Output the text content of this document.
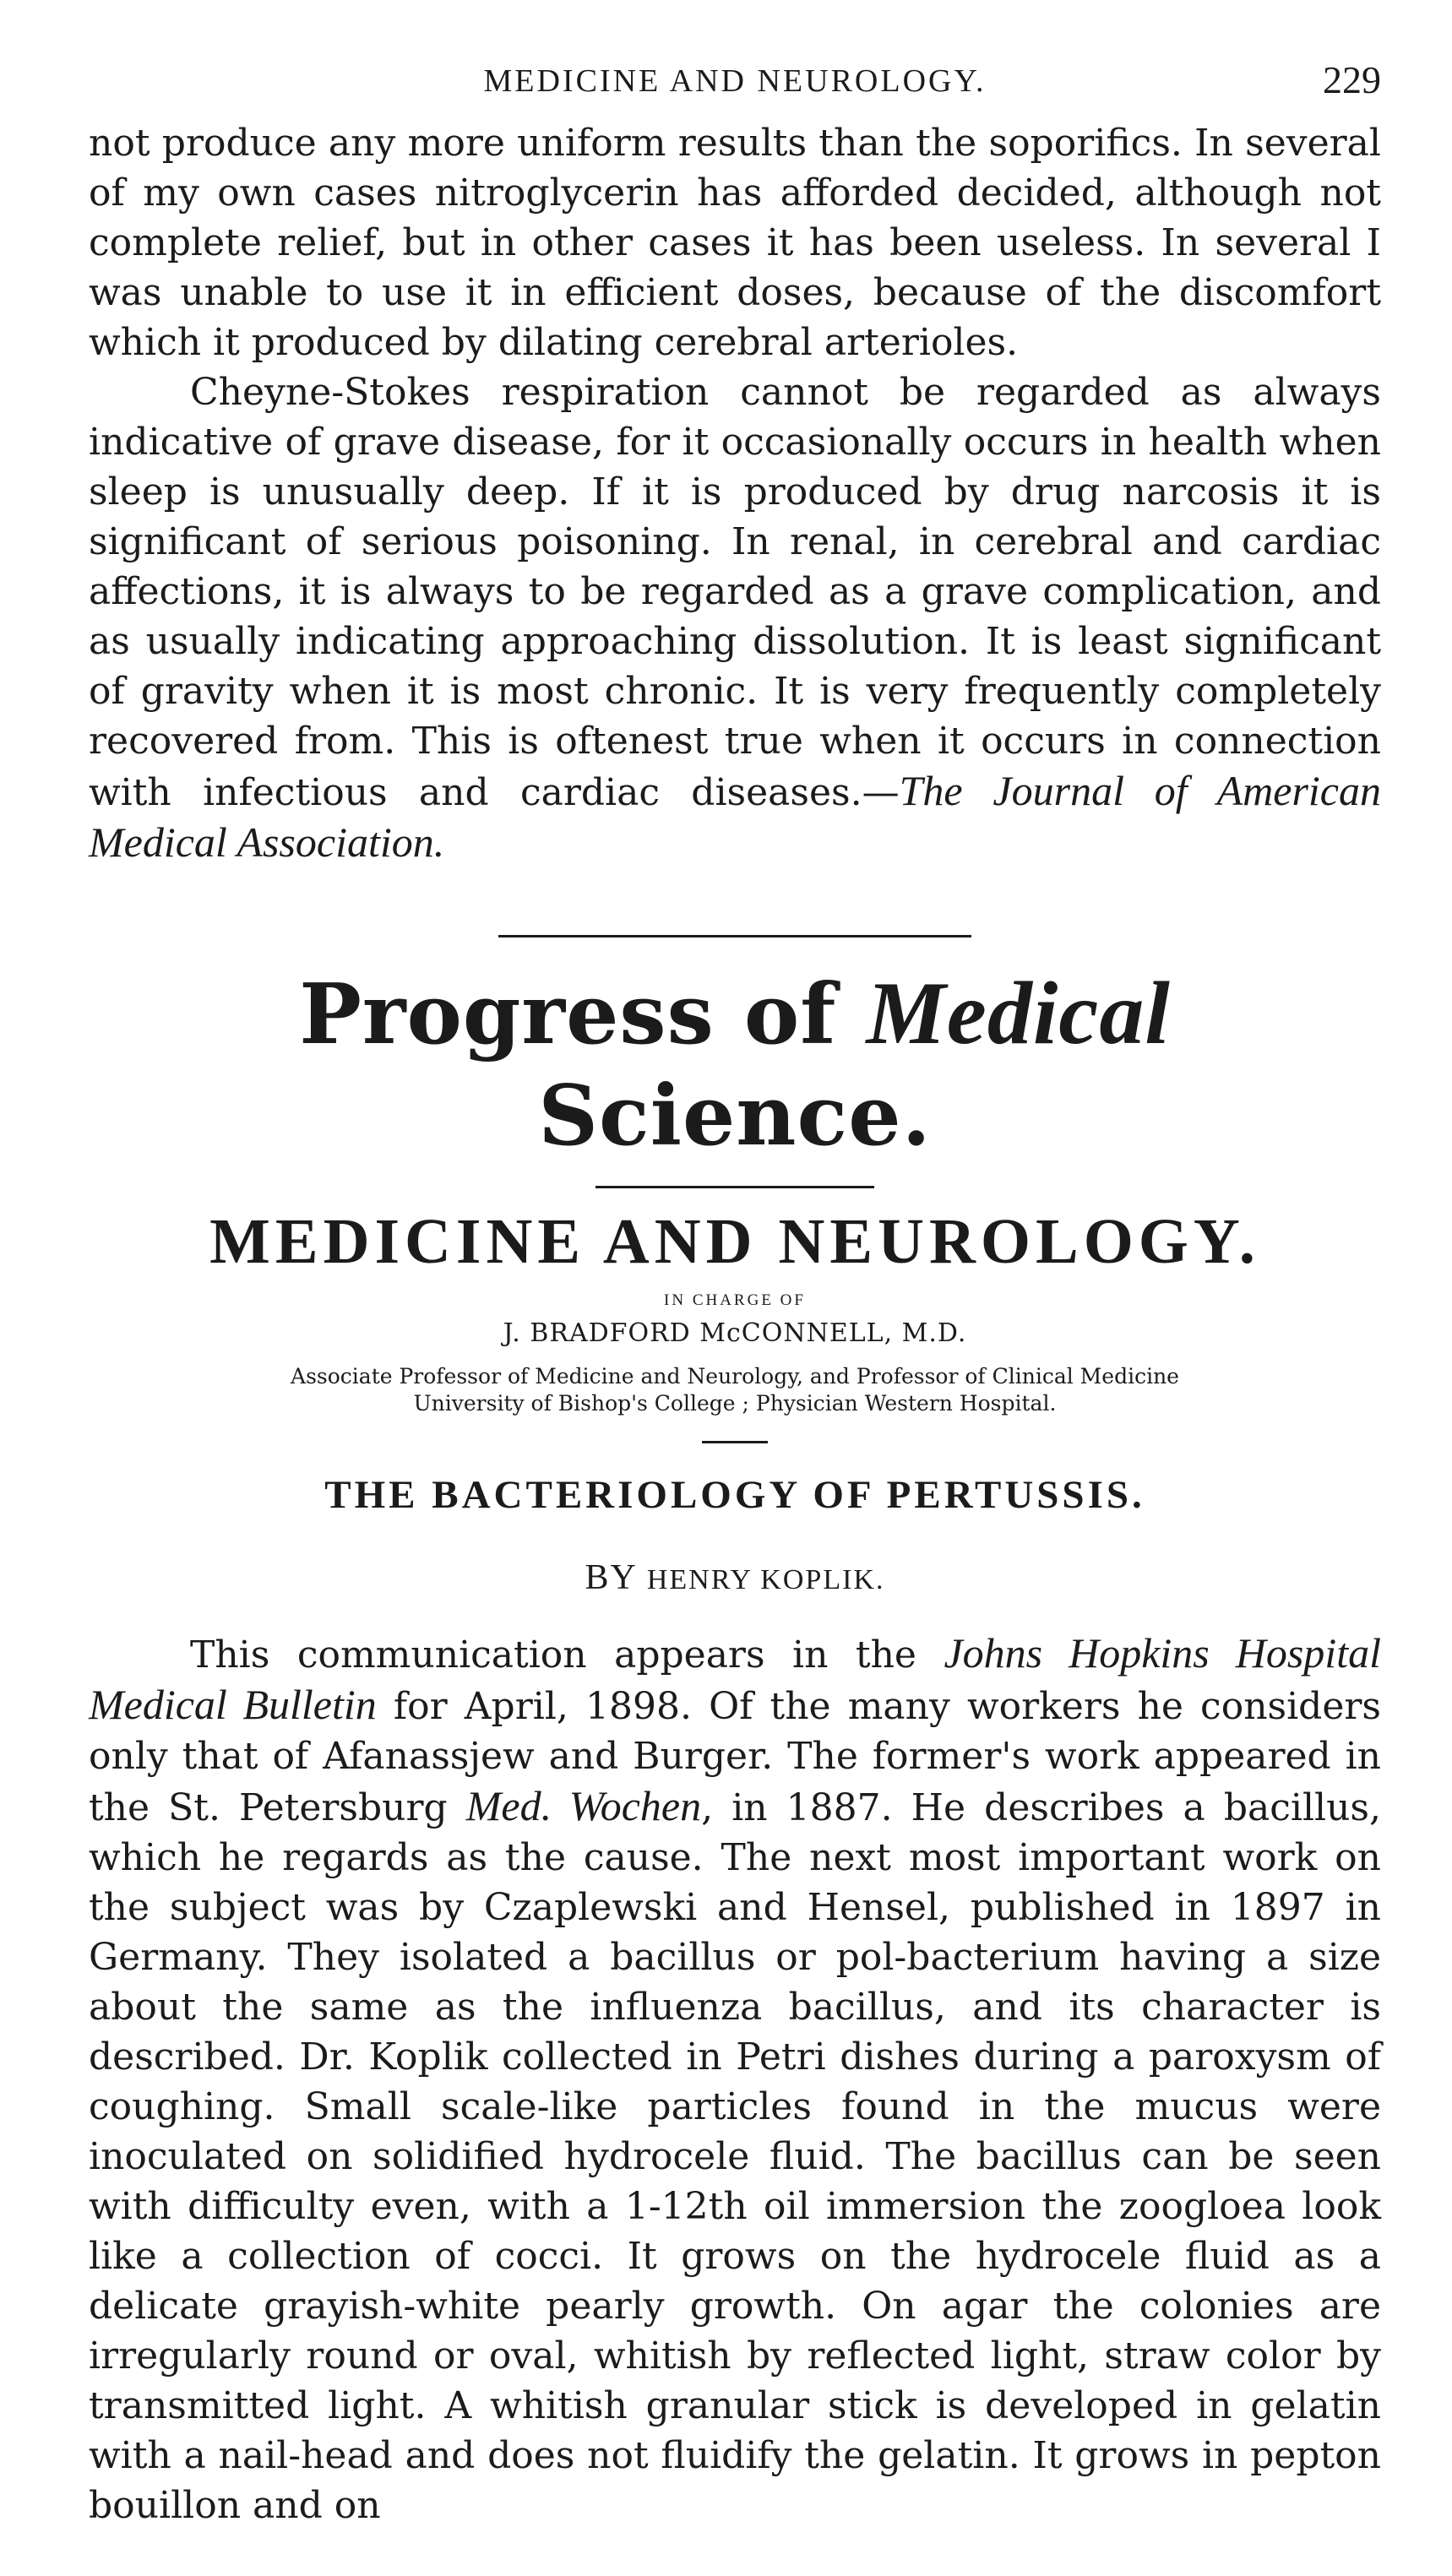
MEDICINE AND NEUROLOGY.	229

not produce any more uniform results than the soporifics. In several of my own cases nitroglycerin has afforded decided, although not complete relief, but in other cases it has been useless. In several I was unable to use it in efficient doses, because of the discomfort which it produced by dilating cerebral arterioles.

Cheyne-Stokes respiration cannot be regarded as always indicative of grave disease, for it occasionally occurs in health when sleep is unusually deep. If it is produced by drug narcosis it is significant of serious poisoning. In renal, in cerebral and cardiac affections, it is always to be regarded as a grave complication, and as usually indicating approaching dissolution. It is least significant of gravity when it is most chronic. It is very frequently completely recovered from. This is oftenest true when it occurs in connection with infectious and cardiac diseases.—The Journal of American Medical Association.

Progress of Medical Science.
MEDICINE AND NEUROLOGY.
IN CHARGE OF
J. BRADFORD McCONNELL, M.D.
Associate Professor of Medicine and Neurology, and Professor of Clinical Medicine
University of Bishop's College ; Physician Western Hospital.
THE BACTERIOLOGY OF PERTUSSIS.
BY HENRY KOPLIK.

This communication appears in the Johns Hopkins Hospital Medical Bulletin for April, 1898. Of the many workers he considers only that of Afanassjew and Burger. The former's work appeared in the St. Petersburg Med. Wochen, in 1887. He describes a bacillus, which he regards as the cause. The next most important work on the subject was by Czaplewski and Hensel, published in 1897 in Germany. They isolated a bacillus or pol-bacterium having a size about the same as the influenza bacillus, and its character is described. Dr. Koplik collected in Petri dishes during a paroxysm of coughing. Small scale-like particles found in the mucus were inoculated on solidified hydrocele fluid. The bacillus can be seen with difficulty even, with a 1-12th oil immersion the zoogloea look like a collection of cocci. It grows on the hydrocele fluid as a delicate grayish-white pearly growth. On agar the colonies are irregularly round or oval, whitish by reflected light, straw color by transmitted light. A whitish granular stick is developed in gelatin with a nail-head and does not fluidify the gelatin. It grows in pepton bouillon and on
